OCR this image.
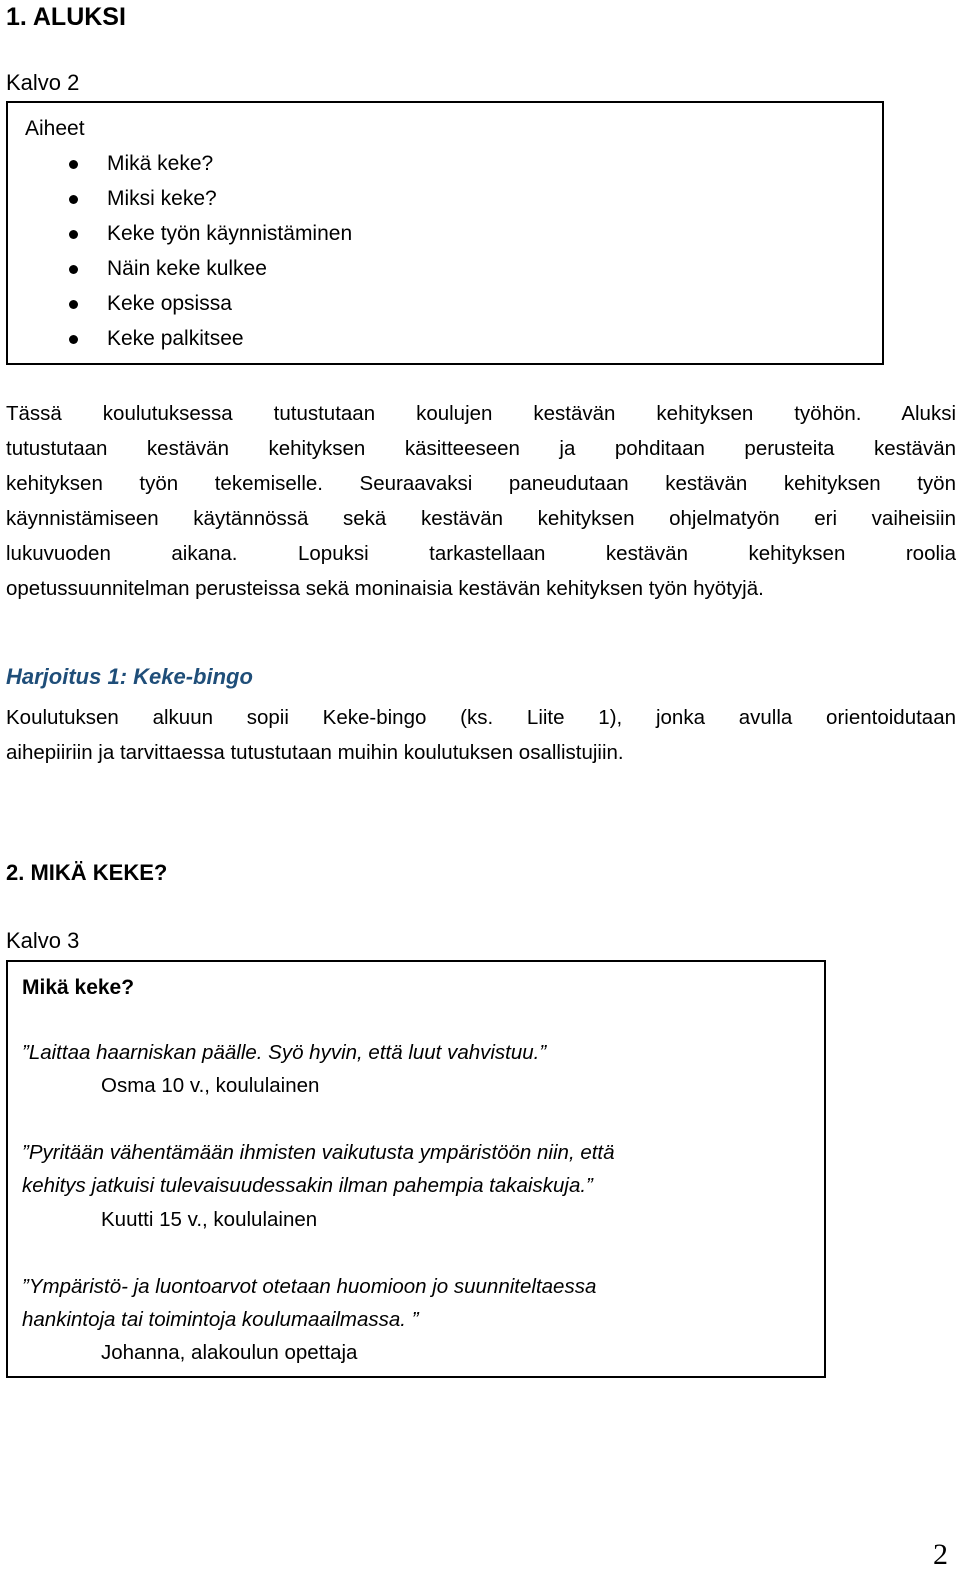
1. ALUKSI
Kalvo 2
Aiheet
Mikä keke?
Miksi keke?
Keke työn käynnistäminen
Näin keke kulkee
Keke opsissa
Keke palkitsee
Tässä koulutuksessa tutustutaan koulujen kestävän kehityksen työhön. Aluksi
tutustutaan kestävän kehityksen käsitteeseen ja pohditaan perusteita kestävän
kehityksen työn tekemiselle. Seuraavaksi paneudutaan kestävän kehityksen työn
käynnistämiseen käytännössä sekä kestävän kehityksen ohjelmatyön eri vaiheisiin
lukuvuoden aikana. Lopuksi tarkastellaan kestävän kehityksen roolia
opetussuunnitelman perusteissa sekä moninaisia kestävän kehityksen työn hyötyjä.
Harjoitus 1: Keke-bingo
Koulutuksen alkuun sopii Keke-bingo (ks. Liite 1), jonka avulla orientoidutaan
aihepiiriin ja tarvittaessa tutustutaan muihin koulutuksen osallistujiin.
2. MIKÄ KEKE?
Kalvo 3
Mikä keke?
”Laittaa haarniskan päälle. Syö hyvin, että luut vahvistuu.”
Osma 10 v., koululainen
”Pyritään vähentämään ihmisten vaikutusta ympäristöön niin, että
kehitys jatkuisi tulevaisuudessakin ilman pahempia takaiskuja.”
Kuutti 15 v., koululainen
”Ympäristö- ja luontoarvot otetaan huomioon jo suunniteltaessa
hankintoja tai toimintoja koulumaailmassa. ”
Johanna, alakoulun opettaja
2
